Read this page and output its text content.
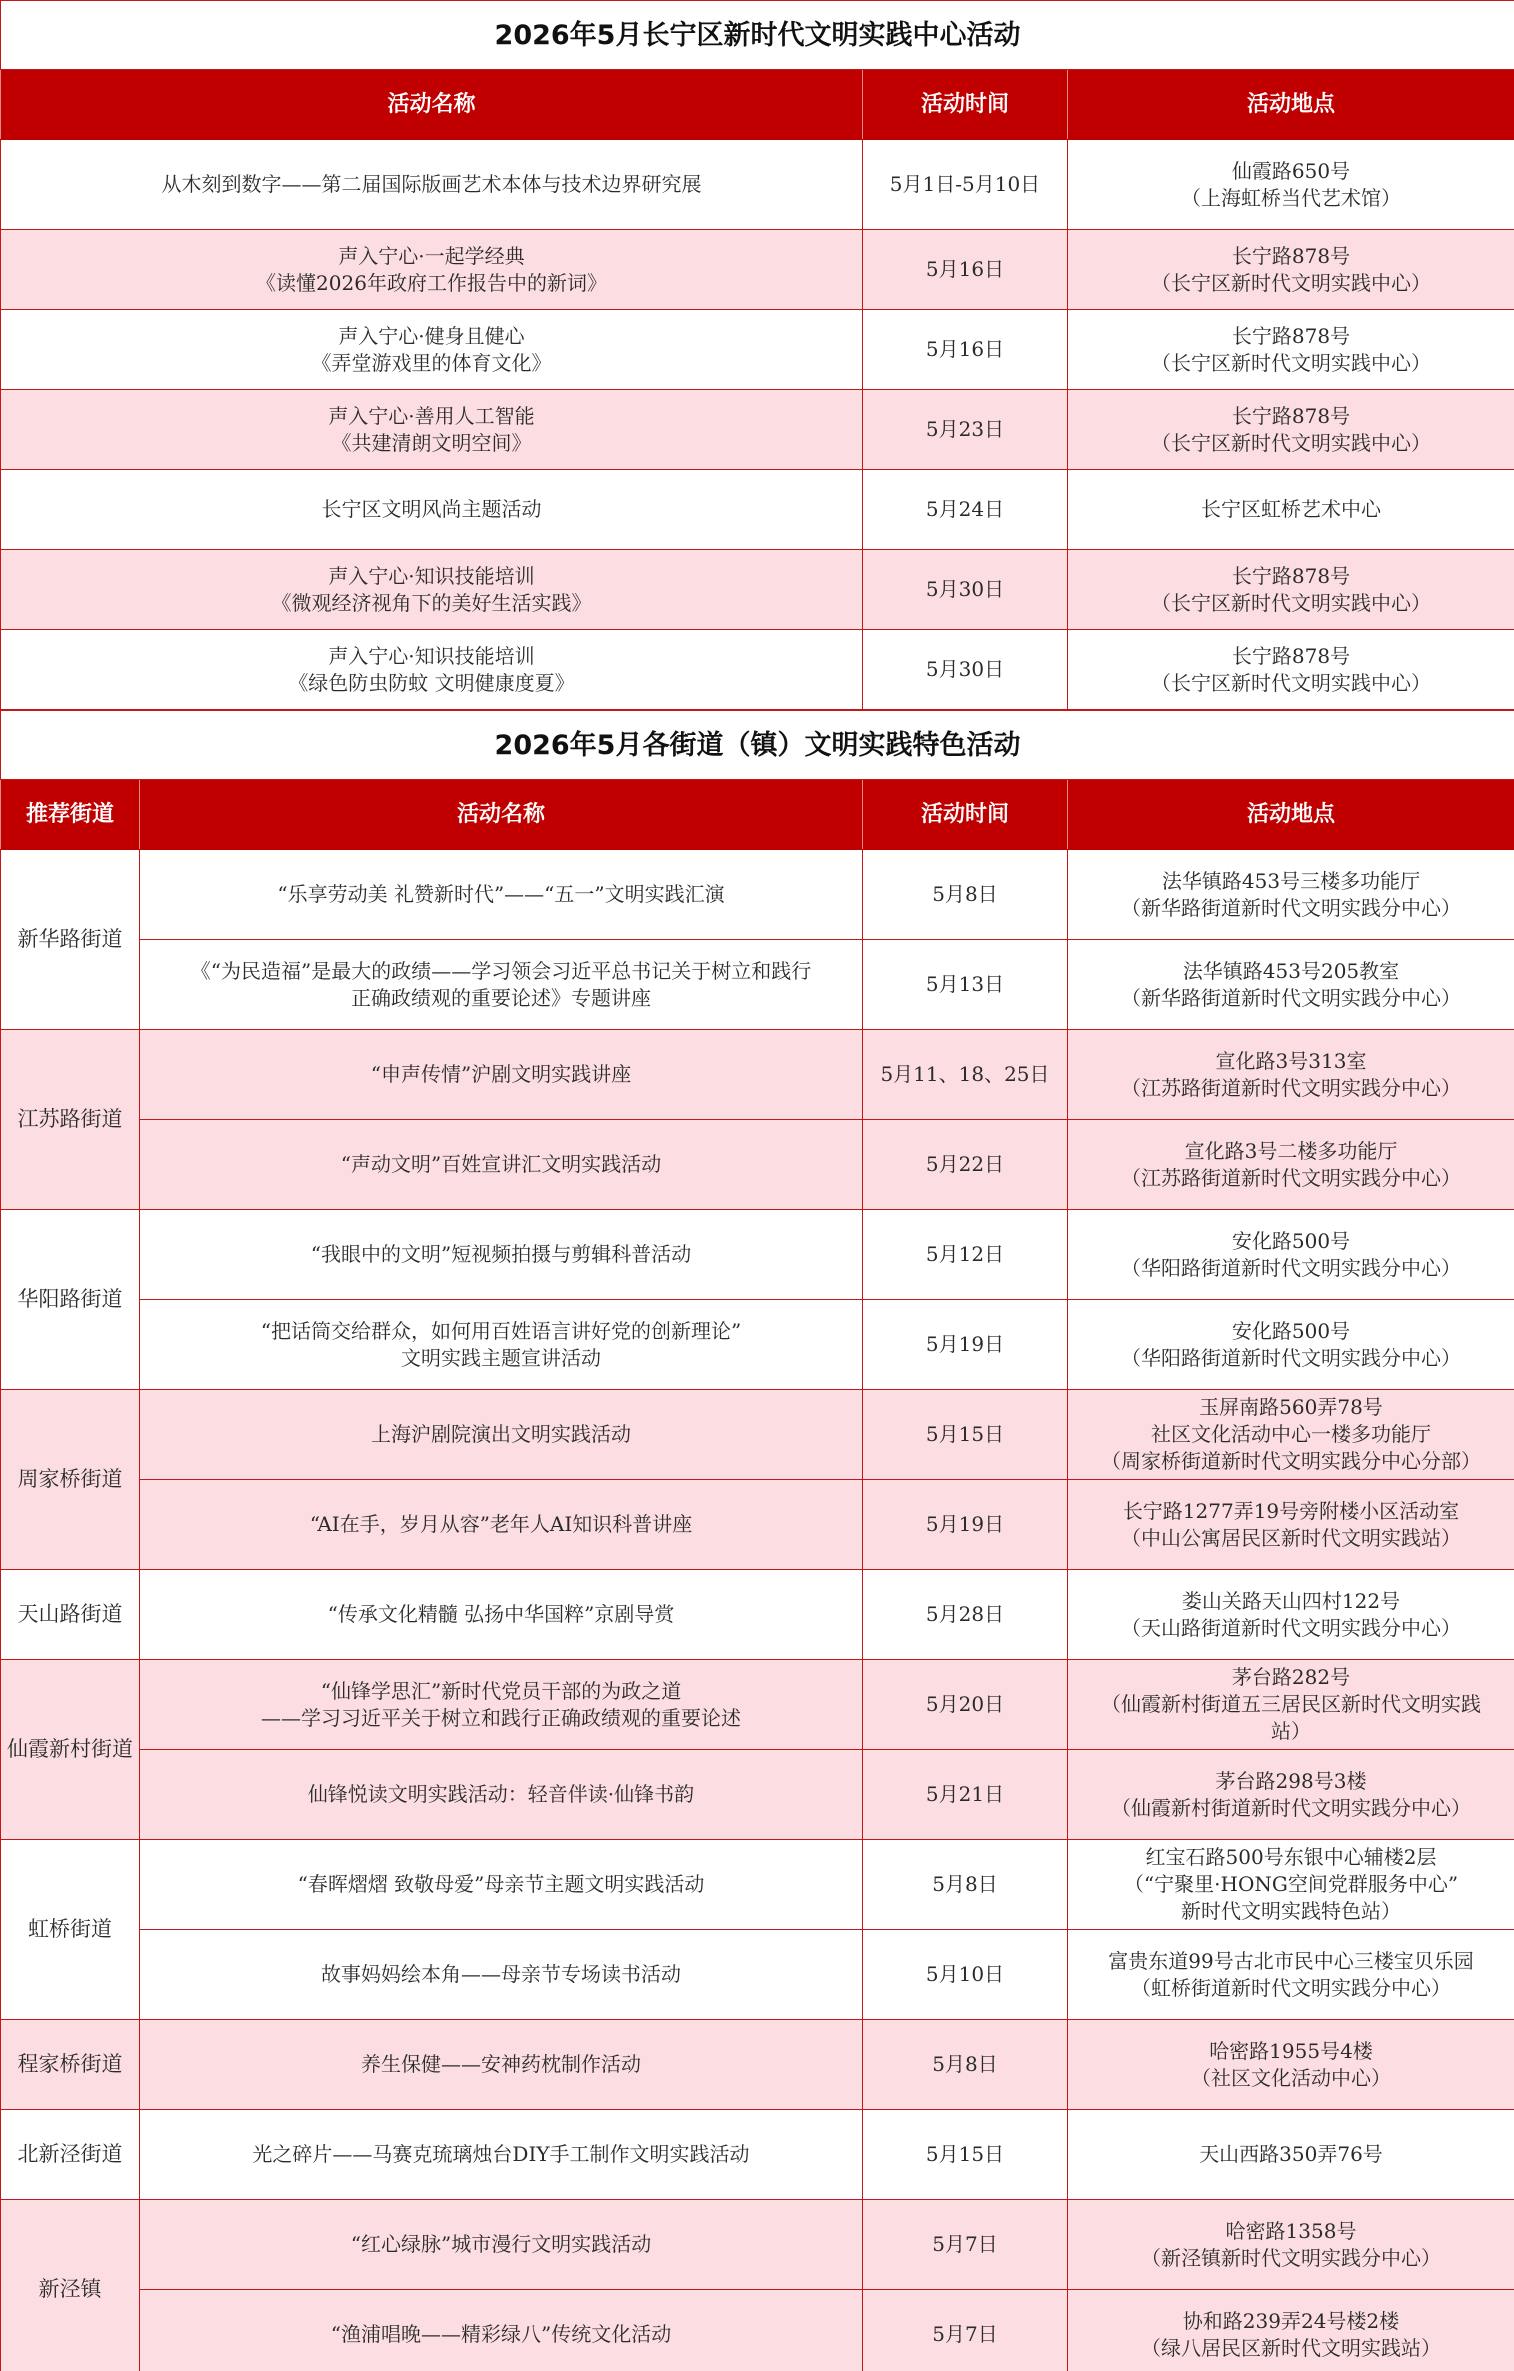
2026年5月长宁区新时代文明实践中心活动		
活动名称	活动时间	活动地点

从木刻到数字——第二届国际版画艺术本体与技术边界研究展	5月1日-5月10日	仙霞路650号
（上海虹桥当代艺术馆）

声入宁心·一起学经典
《读懂2026年政府工作报告中的新词》	5月16日	长宁路878号
（长宁区新时代文明实践中心）

声入宁心·健身且健心
《弄堂游戏里的体育文化》	5月16日	长宁路878号
（长宁区新时代文明实践中心）

声入宁心·善用人工智能
《共建清朗文明空间》	5月23日	长宁路878号
（长宁区新时代文明实践中心）

长宁区文明风尚主题活动	5月24日	长宁区虹桥艺术中心

声入宁心·知识技能培训
《微观经济视角下的美好生活实践》	5月30日	长宁路878号
（长宁区新时代文明实践中心）

声入宁心·知识技能培训
《绿色防虫防蚊 文明健康度夏》	5月30日	长宁路878号
（长宁区新时代文明实践中心）
2026年5月各街道（镇）文明实践特色活动			
推荐街道	活动名称	活动时间	活动地点
新华路街道	“乐享劳动美 礼赞新时代”——“五一”文明实践汇演	5月8日	法华镇路453号三楼多功能厅
（新华路街道新时代文明实践分中心）

	《“为民造福”是最大的政绩——学习领会习近平总书记关于树立和践行
正确政绩观的重要论述》专题讲座	5月13日	法华镇路453号205教室
（新华路街道新时代文明实践分中心）

江苏路街道	“申声传情”沪剧文明实践讲座	5月11、18、25日	宣化路3号313室
（江苏路街道新时代文明实践分中心）

	“声动文明”百姓宣讲汇文明实践活动	5月22日	宣化路3号二楼多功能厅
（江苏路街道新时代文明实践分中心）

华阳路街道	“我眼中的文明”短视频拍摄与剪辑科普活动	5月12日	安化路500号
（华阳路街道新时代文明实践分中心）

	“把话筒交给群众，如何用百姓语言讲好党的创新理论”
文明实践主题宣讲活动	5月19日	安化路500号
（华阳路街道新时代文明实践分中心）

周家桥街道	上海沪剧院演出文明实践活动	5月15日	玉屏南路560弄78号
社区文化活动中心一楼多功能厅
（周家桥街道新时代文明实践分中心分部）

	“AI在手，岁月从容”老年人AI知识科普讲座	5月19日	长宁路1277弄19号旁附楼小区活动室
（中山公寓居民区新时代文明实践站）

天山路街道	“传承文化精髓 弘扬中华国粹”京剧导赏	5月28日	娄山关路天山四村122号
（天山路街道新时代文明实践分中心）

仙霞新村街道	“仙锋学思汇”新时代党员干部的为政之道
——学习习近平关于树立和践行正确政绩观的重要论述	5月20日	茅台路282号
（仙霞新村街道五三居民区新时代文明实践
站）

	仙锋悦读文明实践活动：轻音伴读·仙锋书韵	5月21日	茅台路298号3楼
（仙霞新村街道新时代文明实践分中心）

虹桥街道	“春晖熠熠 致敬母爱”母亲节主题文明实践活动	5月8日	红宝石路500号东银中心辅楼2层
（“宁聚里·HONG空间党群服务中心”
新时代文明实践特色站）

	故事妈妈绘本角——母亲节专场读书活动	5月10日	富贵东道99号古北市民中心三楼宝贝乐园
（虹桥街道新时代文明实践分中心）

程家桥街道	养生保健——安神药枕制作活动	5月8日	哈密路1955号4楼
（社区文化活动中心）

北新泾街道	光之碎片——马赛克琉璃烛台DIY手工制作文明实践活动	5月15日	天山西路350弄76号

新泾镇	“红心绿脉”城市漫行文明实践活动	5月7日	哈密路1358号
（新泾镇新时代文明实践分中心）

	“渔浦唱晚——精彩绿八”传统文化活动	5月7日	协和路239弄24号楼2楼
（绿八居民区新时代文明实践站）
